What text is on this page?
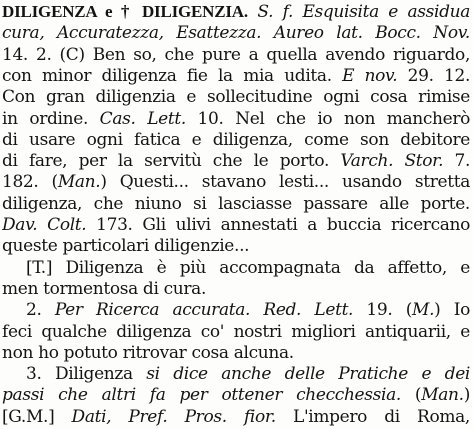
DILIGENZA e † DILIGENZIA. S. f. Esquisita e assidua
cura, Accuratezza, Esattezza. Aureo lat. Bocc. Nov.
14. 2. (C) Ben so, che pure a quella avendo riguardo,
con minor diligenza fie la mia udita. E nov. 29. 12.
Con gran diligenzia e sollecitudine ogni cosa rimise
in ordine. Cas. Lett. 10. Nel che io non mancherò
di usare ogni fatica e diligenza, come son debitore
di fare, per la servitù che le porto. Varch. Stor. 7.
182. (Man.) Questi... stavano lesti... usando stretta
diligenza, che niuno si lasciasse passare alle porte.
Dav. Colt. 173. Gli ulivi annestati a buccia ricercano
queste particolari diligenzie...
[T.] Diligenza è più accompagnata da affetto, e
men tormentosa di cura.
2. Per Ricerca accurata. Red. Lett. 19. (M.) Io
feci qualche diligenza co' nostri migliori antiquarii, e
non ho potuto ritrovar cosa alcuna.
3. Diligenza si dice anche delle Pratiche e dei
passi che altri fa per ottener checchessia. (Man.)
[G.M.] Dati, Pref. Pros. fior. L'impero di Roma,
